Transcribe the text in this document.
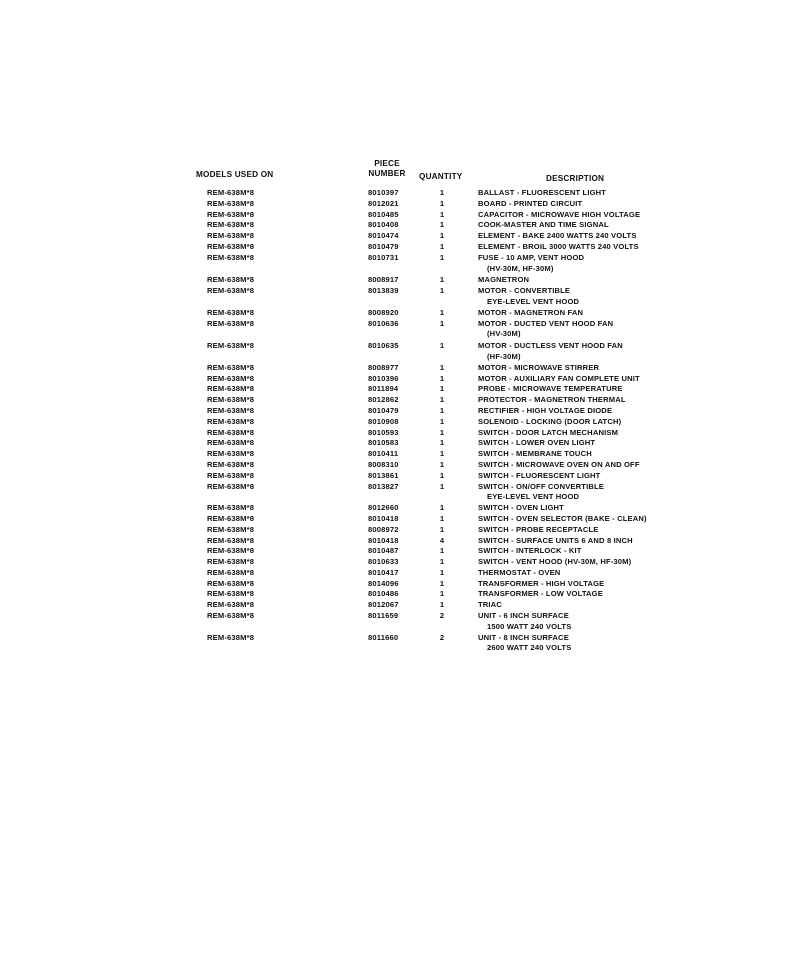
MODELS USED ON
PIECE
NUMBER	QUANTITY	DESCRIPTION
REM-638M*8	8010397	1	BALLAST - FLUORESCENT LIGHT
REM-638M*8	8012021	1	BOARD - PRINTED CIRCUIT
REM-638M*8	8010485	1	CAPACITOR - MICROWAVE HIGH VOLTAGE
REM-638M*8	8010408	1	COOK-MASTER AND TIME SIGNAL
REM-638M*8	8010474	1	ELEMENT - BAKE 2400 WATTS 240 VOLTS
REM-638M*8	8010479	1	ELEMENT - BROIL 3000 WATTS 240 VOLTS
REM-638M*8	8010731	1	FUSE - 10 AMP, VENT HOOD
(HV-30M, HF-30M)
REM-638M*8	8008917	1	MAGNETRON
REM-638M*8	8013839	1	MOTOR - CONVERTIBLE
EYE-LEVEL VENT HOOD
REM-638M*8	8008920	1	MOTOR - MAGNETRON FAN
REM-638M*8	8010636	1	MOTOR - DUCTED VENT HOOD FAN
(HV-30M)
REM-638M*8	8010635	1	MOTOR - DUCTLESS VENT HOOD FAN
(HF-30M)
REM-638M*8	8008977	1	MOTOR - MICROWAVE STIRRER
REM-638M*8	8010396	1	MOTOR - AUXILIARY FAN COMPLETE UNIT
REM-638M*8	8011894	1	PROBE - MICROWAVE TEMPERATURE
REM-638M*8	8012862	1	PROTECTOR - MAGNETRON THERMAL
REM-638M*8	8010479	1	RECTIFIER - HIGH VOLTAGE DIODE
REM-638M*8	8010908	1	SOLENOID - LOCKING (DOOR LATCH)
REM-638M*8	8010593	1	SWITCH - DOOR LATCH MECHANISM
REM-638M*8	8010583	1	SWITCH - LOWER OVEN LIGHT
REM-638M*8	8010411	1	SWITCH - MEMBRANE TOUCH
REM-638M*8	8008310	1	SWITCH - MICROWAVE OVEN ON AND OFF
REM-638M*8	8013861	1	SWITCH - FLUORESCENT LIGHT
REM-638M*8	8013827	1	SWITCH - ON/OFF CONVERTIBLE
EYE-LEVEL VENT HOOD
REM-638M*8	8012660	1	SWITCH - OVEN LIGHT
REM-638M*8	8010418	1	SWITCH - OVEN SELECTOR (BAKE - CLEAN)
REM-638M*8	8008972	1	SWITCH - PROBE RECEPTACLE
REM-638M*8	8010418	4	SWITCH - SURFACE UNITS 6 AND 8 INCH
REM-638M*8	8010487	1	SWITCH - INTERLOCK - KIT
REM-638M*8	8010633	1	SWITCH - VENT HOOD (HV-30M, HF-30M)
REM-638M*8	8010417	1	THERMOSTAT - OVEN
REM-638M*8	8014096	1	TRANSFORMER - HIGH VOLTAGE
REM-638M*8	8010486	1	TRANSFORMER - LOW VOLTAGE
REM-638M*8	8012067	1	TRIAC
REM-638M*8	8011659	2	UNIT - 6 INCH SURFACE
1500 WATT 240 VOLTS
REM-638M*8	8011660	2	UNIT - 8 INCH SURFACE
2600 WATT 240 VOLTS
